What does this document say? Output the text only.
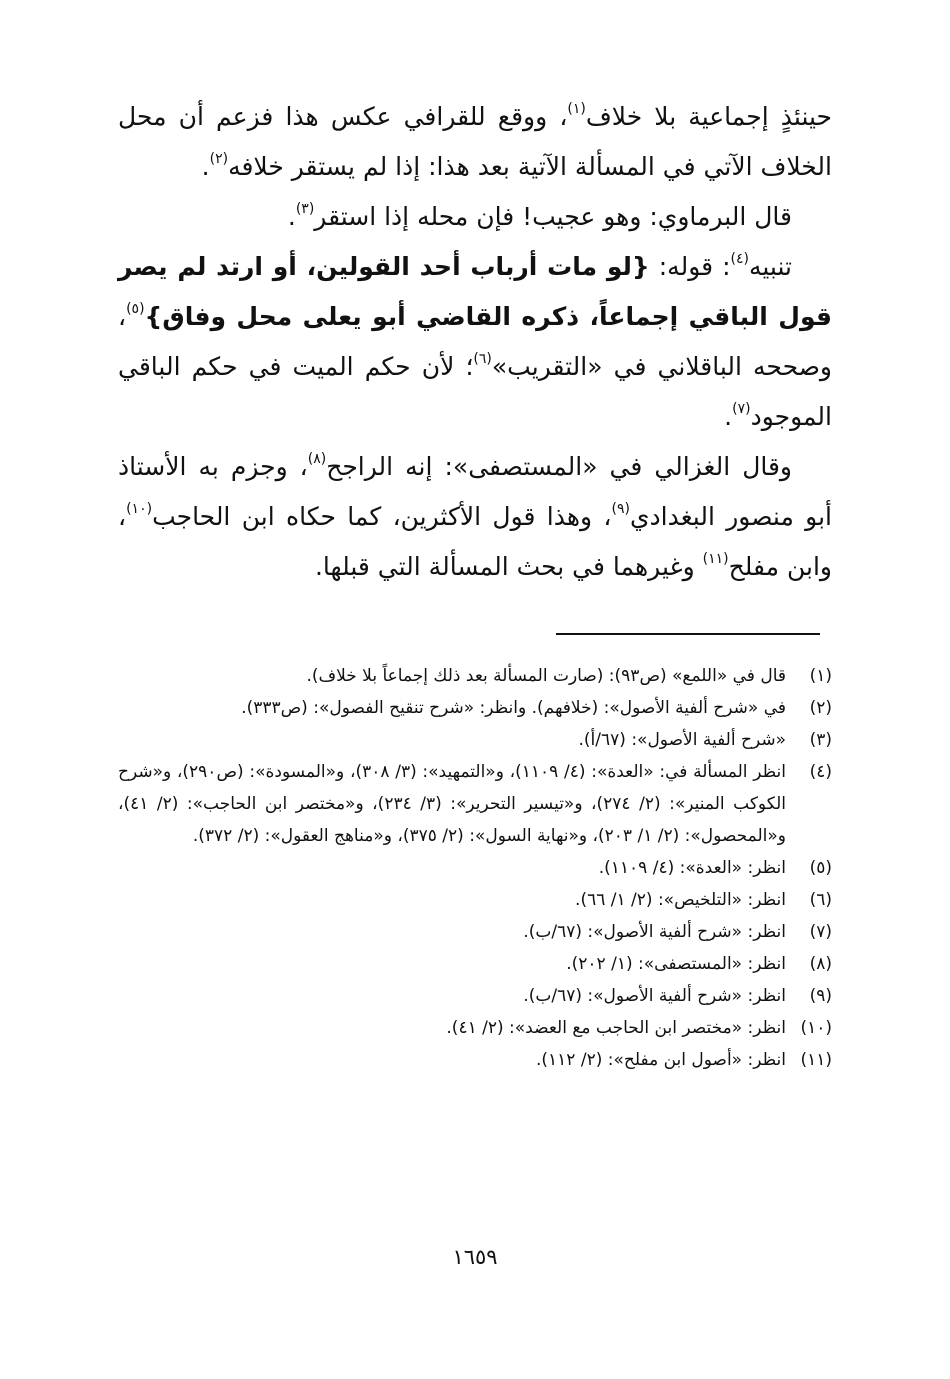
حينئذٍ إجماعية بلا خلاف$^{(١)}$، ووقع للقرافي عكس هذا فزعم أن محل الخلاف الآتي في المسألة الآتية بعد هذا: إذا لم يستقر خلافه$^{(٢)}$.

قال البرماوي: وهو عجيب! فإن محله إذا استقر$^{(٣)}$.

تنبيه$^{(٤)}$: قوله: {لو مات أرباب أحد القولين، أو ارتد لم يصر قول الباقي إجماعاً، ذكره القاضي أبو يعلى محل وفاق}$^{(٥)}$، وصححه الباقلاني في «التقريب»$^{(٦)}$؛ لأن حكم الميت في حكم الباقي الموجود$^{(٧)}$.

وقال الغزالي في «المستصفى»: إنه الراجح$^{(٨)}$، وجزم به الأستاذ أبو منصور البغدادي$^{(٩)}$، وهذا قول الأكثرين، كما حكاه ابن الحاجب$^{(١٠)}$، وابن مفلح$^{(١١)}$ وغيرهما في بحث المسألة التي قبلها.

(١)
قال في «اللمع» (ص٩٣): (صارت المسألة بعد ذلك إجماعاً بلا خلاف).
(٢)
في «شرح ألفية الأصول»: (خلافهم). وانظر: «شرح تنقيح الفصول»: (ص٣٣٣).
(٣)
«شرح ألفية الأصول»: (٦٧/أ).
(٤)
انظر المسألة في: «العدة»: (٤/ ١١٠٩)، و«التمهيد»: (٣/ ٣٠٨)، و«المسودة»: (ص٢٩٠)، و«شرح الكوكب المنير»: (٢/ ٢٧٤)، و«تيسير التحرير»: (٣/ ٢٣٤)، و«مختصر ابن الحاجب»: (٢/ ٤١)، و«المحصول»: (٢/ ١/ ٢٠٣)، و«نهاية السول»: (٢/ ٣٧٥)، و«مناهج العقول»: (٢/ ٣٧٢).
(٥)
انظر: «العدة»: (٤/ ١١٠٩).
(٦)
انظر: «التلخيص»: (٢/ ١/ ٦٦).
(٧)
انظر: «شرح ألفية الأصول»: (٦٧/ب).
(٨)
انظر: «المستصفى»: (١/ ٢٠٢).
(٩)
انظر: «شرح ألفية الأصول»: (٦٧/ب).
(١٠)
انظر: «مختصر ابن الحاجب مع العضد»: (٢/ ٤١).
(١١)
انظر: «أصول ابن مفلح»: (٢/ ١١٢).
١٦٥٩
